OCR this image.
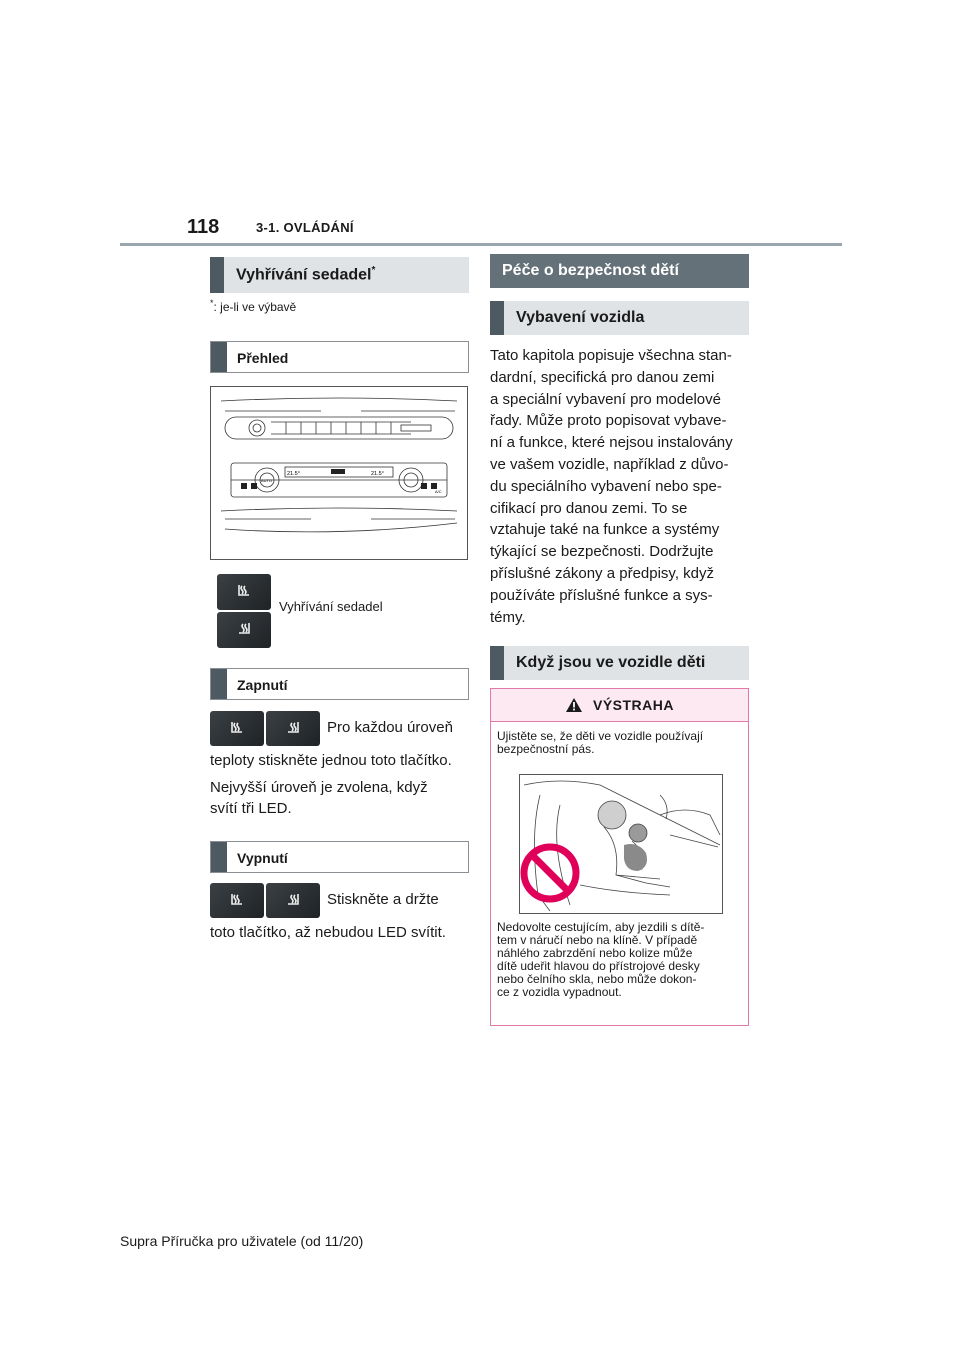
118	3-1. OVLÁDÁNÍ
Vyhřívání sedadel*
*: je-li ve výbavě
Přehled
21.5°	21.5°
AUTO
A/C
Vyhřívání sedadel
Zapnutí
Pro každou úroveň
teploty stiskněte jednou toto tlačítko.
Nejvyšší úroveň je zvolena, když
svítí tři LED.
Vypnutí
Stiskněte a držte
toto tlačítko, až nebudou LED svítit.
Péče o bezpečnost dětí
Vybavení vozidla
Tato kapitola popisuje všechna stan-
dardní, specifická pro danou zemi
a speciální vybavení pro modelové
řady. Může proto popisovat vybave-
ní a funkce, které nejsou instalovány
ve vašem vozidle, například z důvo-
du speciálního vybavení nebo spe-
cifikací pro danou zemi. To se
vztahuje také na funkce a systémy
týkající se bezpečnosti. Dodržujte
příslušné zákony a předpisy, když
používáte příslušné funkce a sys-
témy.
Když jsou ve vozidle děti
VÝSTRAHA
Ujistěte se, že děti ve vozidle používají
bezpečnostní pás.
Nedovolte cestujícím, aby jezdili s dítě-
tem v náručí nebo na klíně. V případě
náhlého zabrzdění nebo kolize může
dítě udeřit hlavou do přístrojové desky
nebo čelního skla, nebo může dokon-
ce z vozidla vypadnout.
Supra Příručka pro uživatele (od 11/20)
